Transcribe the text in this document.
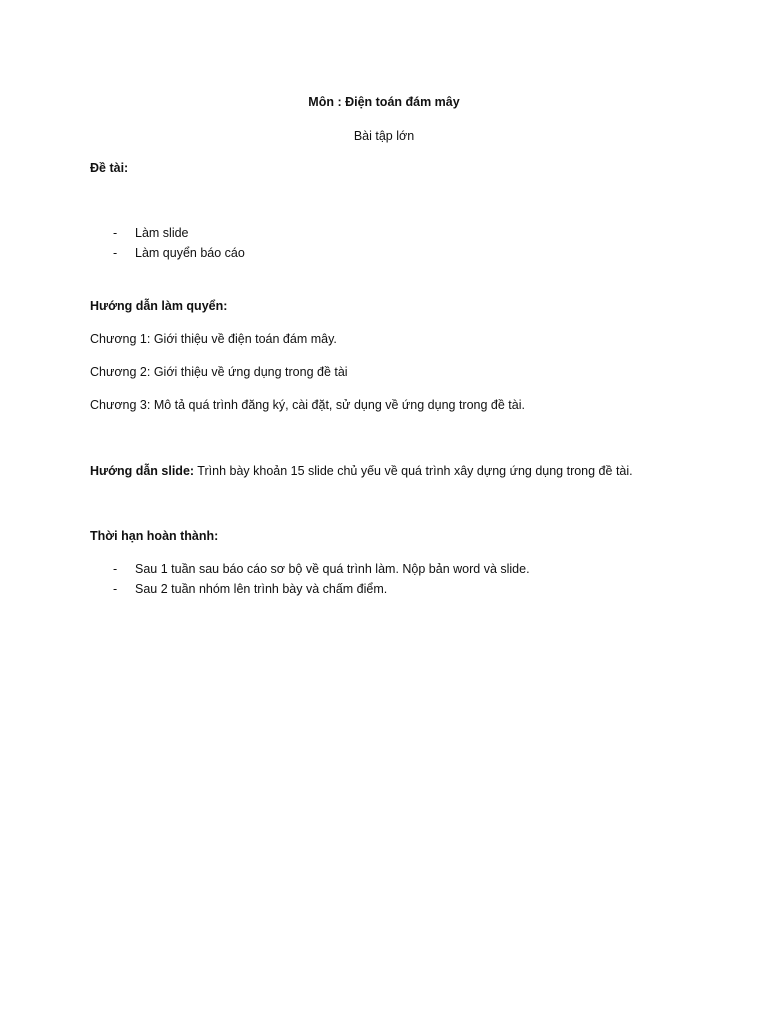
Môn : Điện toán đám mây
Bài tập lớn
Đề tài:
- Làm slide
- Làm quyển báo cáo
Hướng dẫn làm quyển:
Chương 1: Giới thiệu về điện toán đám mây.
Chương 2: Giới thiệu về ứng dụng trong đề tài
Chương 3: Mô tả quá trình đăng ký, cài đặt, sử dụng về ứng dụng trong đề tài.
Hướng dẫn slide: Trình bày khoản 15 slide chủ yếu về quá trình xây dựng ứng dụng trong đề tài.
Thời hạn hoàn thành:
- Sau 1 tuần sau báo cáo sơ bộ về quá trình làm. Nộp bản word và slide.
- Sau 2 tuần nhóm lên trình bày và chấm điểm.
